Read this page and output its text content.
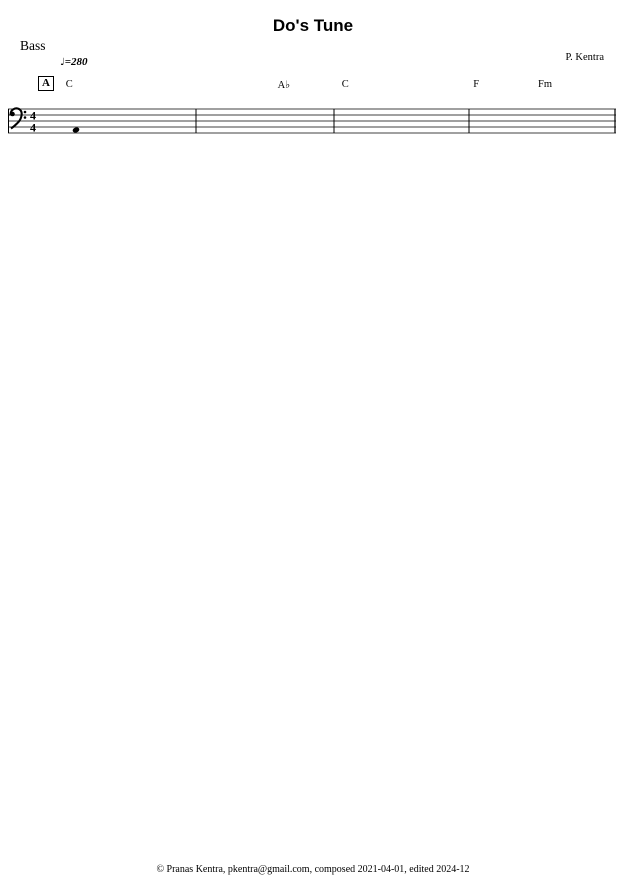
Do's Tune
Bass
P. Kentra
♩=280
A	C	A♭	C	F	Fm
4
4
© Pranas Kentra, pkentra@gmail.com, composed 2021-04-01, edited 2024-12
